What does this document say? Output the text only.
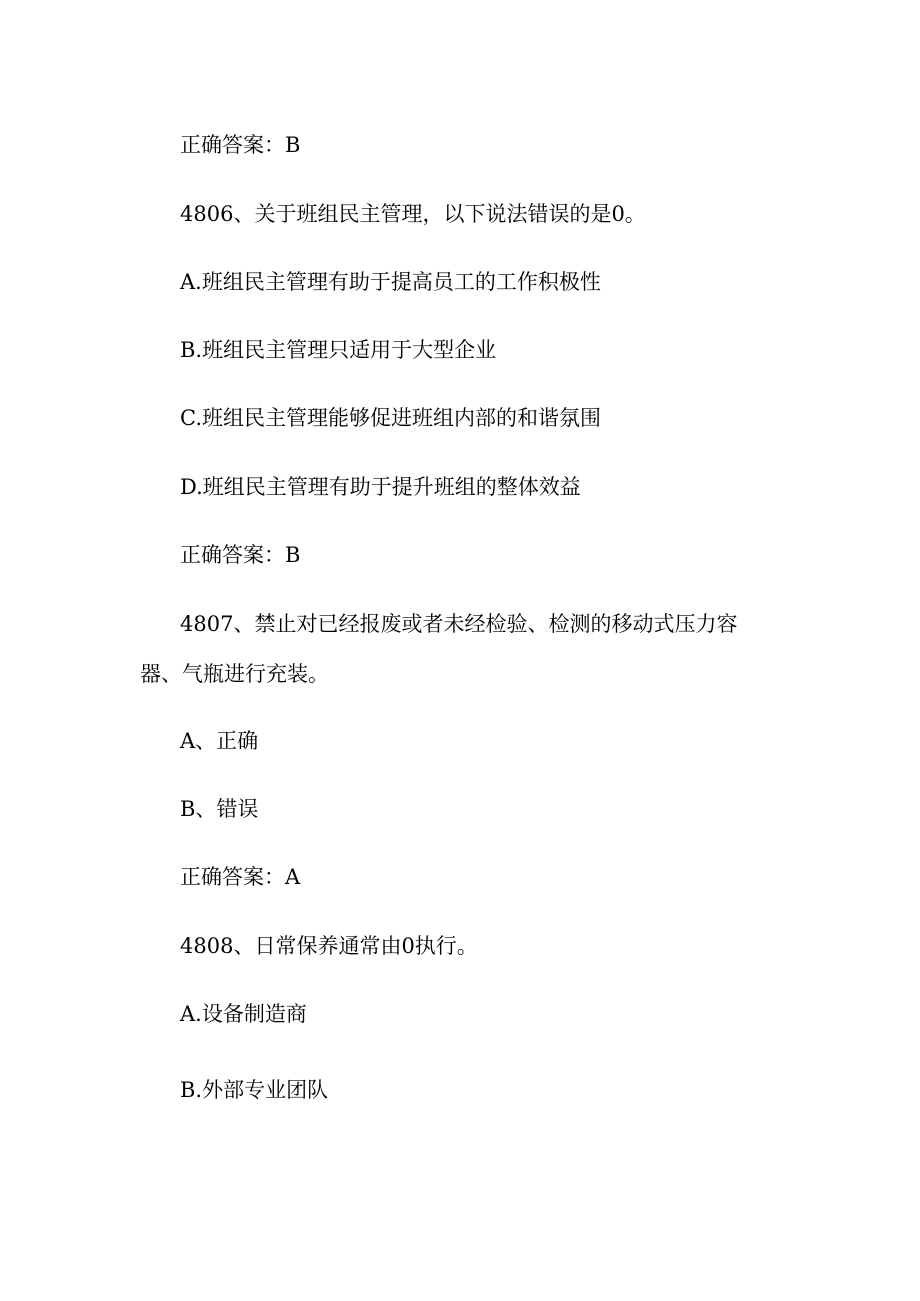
正确答案：B

4806、关于班组民主管理，以下说法错误的是0。

A.班组民主管理有助于提高员工的工作积极性

B.班组民主管理只适用于大型企业

C.班组民主管理能够促进班组内部的和谐氛围

D.班组民主管理有助于提升班组的整体效益

正确答案：B

4807、禁止对已经报废或者未经检验、检测的移动式压力容

器、气瓶进行充装。

A、正确

B、错误

正确答案：A

4808、日常保养通常由0执行。

A.设备制造商

B.外部专业团队
